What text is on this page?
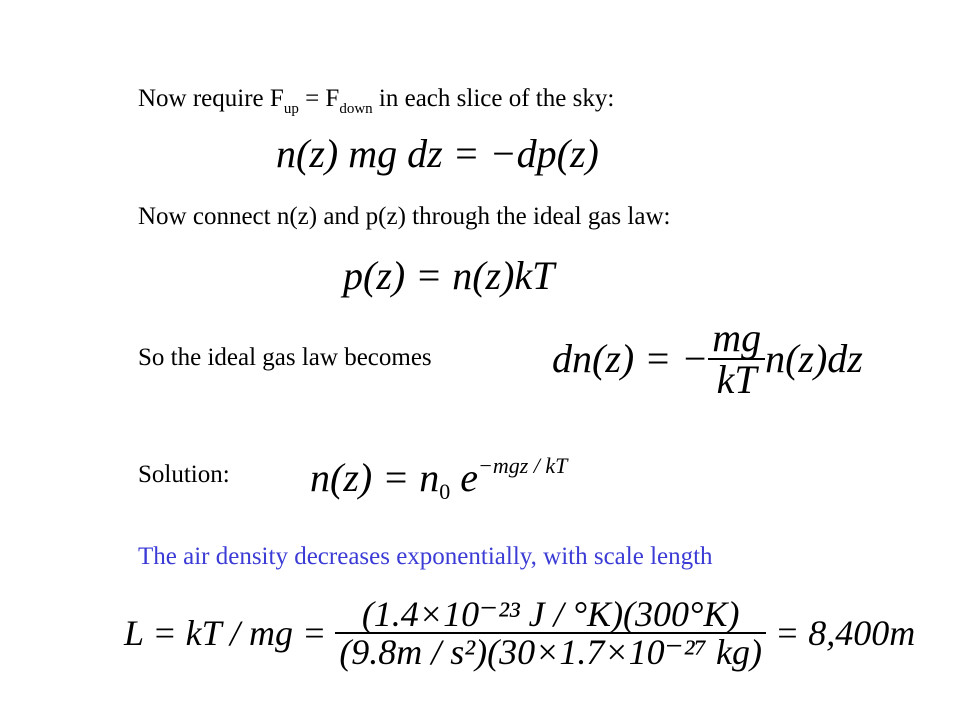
Now require $F_{up} = F_{down}$ in each slice of the sky:
n(z) mg dz = −dp(z)
Now connect n(z) and p(z) through the ideal gas law:
p(z) = n(z)kT
So the ideal gas law becomes	dn(z) = − $\frac{mg}{kT} n(z)dz$
Solution: $n(z) = n_0$ $e^{-mgz / kT}$
The air density decreases exponentially, with scale length
L = kT / mg = $\frac{\text{(1.4×10⁻²³ J / °K)(300°K)}}{\text{(9.8m / s²)(30×1.7×10⁻²⁷ kg)}} = 8,400m$
